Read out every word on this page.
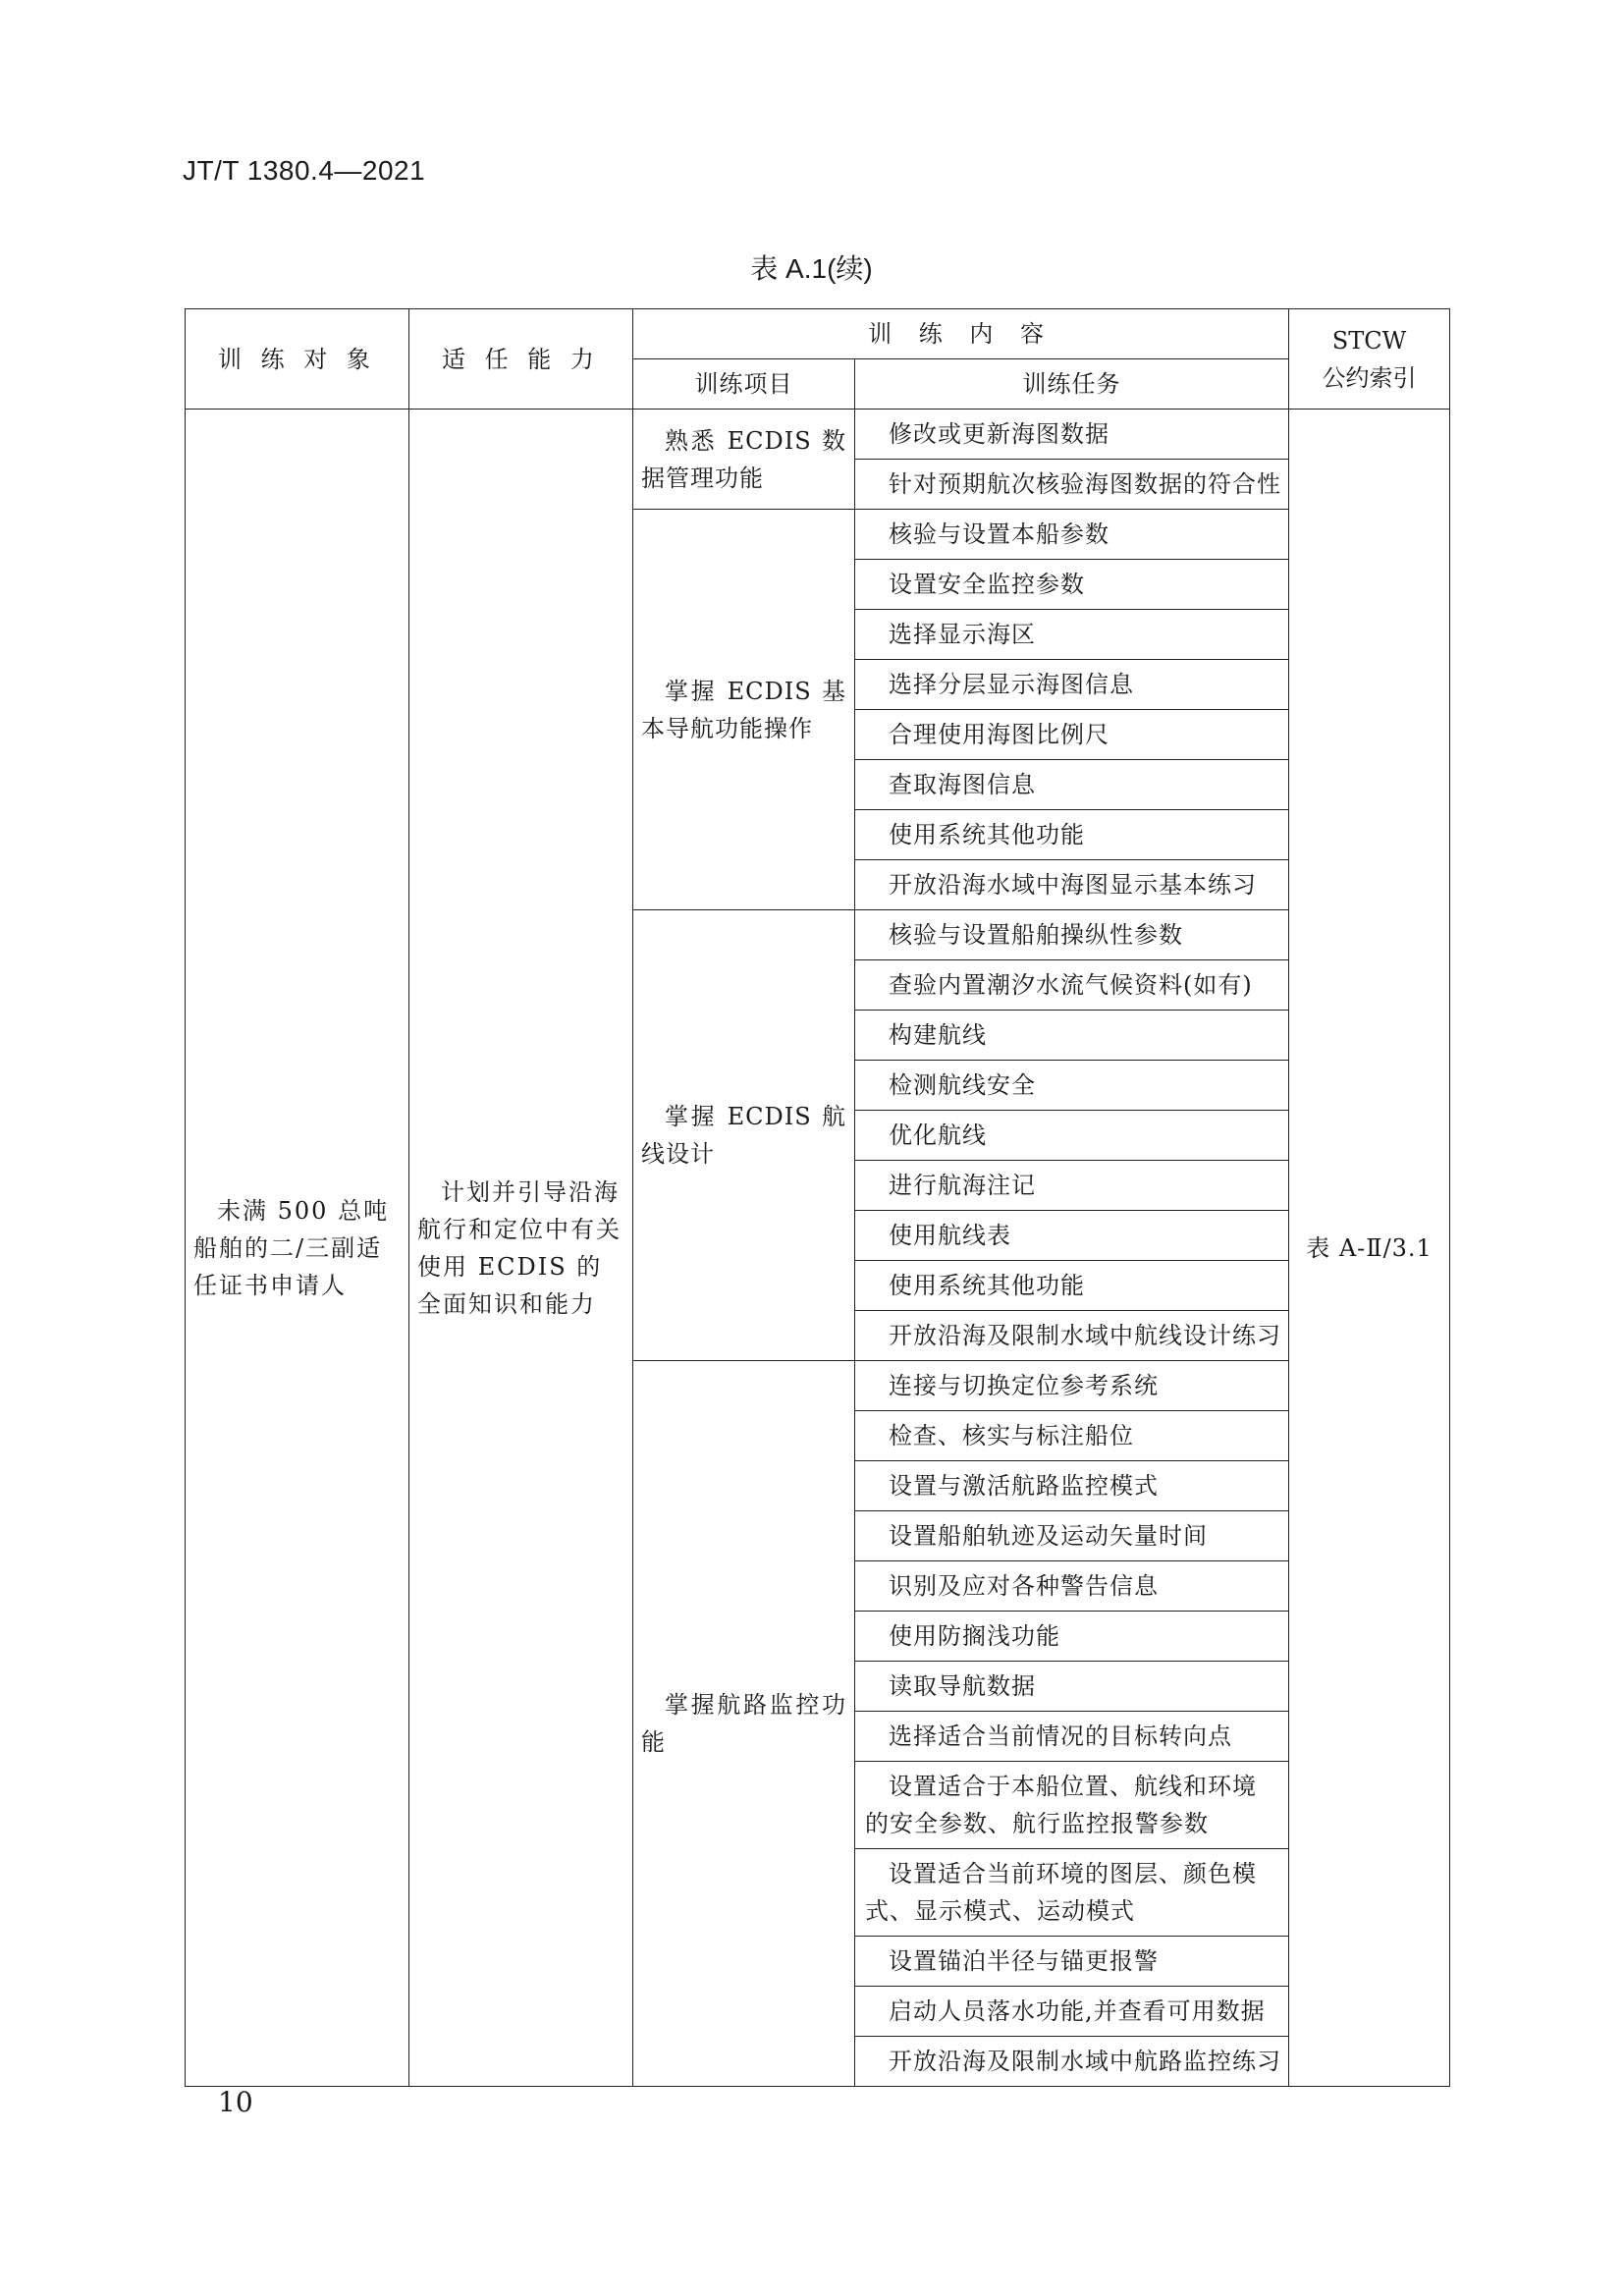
JT/T 1380.4—2021
表 A.1(续)
训 练 对 象	适 任 能 力	训 练 内 容		STCW
公约索引

		训练项目	训练任务	
未满 500 总吨船舶的二/三副适任证书申请人	计划并引导沿海航行和定位中有关使用 ECDIS 的全面知识和能力	熟悉 ECDIS 数据管理功能	修改或更新海图数据	表 A-Ⅱ/3.1
			针对预期航次核验海图数据的符合性	
		掌握 ECDIS 基本导航功能操作	核验与设置本船参数	
			设置安全监控参数	
			选择显示海区	
			选择分层显示海图信息	
			合理使用海图比例尺	
			查取海图信息	
			使用系统其他功能	
			开放沿海水域中海图显示基本练习	
		掌握 ECDIS 航线设计	核验与设置船舶操纵性参数	
			查验内置潮汐水流气候资料(如有)	
			构建航线	
			检测航线安全	
			优化航线	
			进行航海注记	
			使用航线表	
			使用系统其他功能	
			开放沿海及限制水域中航线设计练习	
		掌握航路监控功能	连接与切换定位参考系统	
			检查、核实与标注船位	
			设置与激活航路监控模式	
			设置船舶轨迹及运动矢量时间	
			识别及应对各种警告信息	
			使用防搁浅功能	
			读取导航数据	
			选择适合当前情况的目标转向点	
			设置适合于本船位置、航线和环境的安全参数、航行监控报警参数	
			设置适合当前环境的图层、颜色模式、显示模式、运动模式	
			设置锚泊半径与锚更报警	
			启动人员落水功能,并查看可用数据	
			开放沿海及限制水域中航路监控练习	
10
